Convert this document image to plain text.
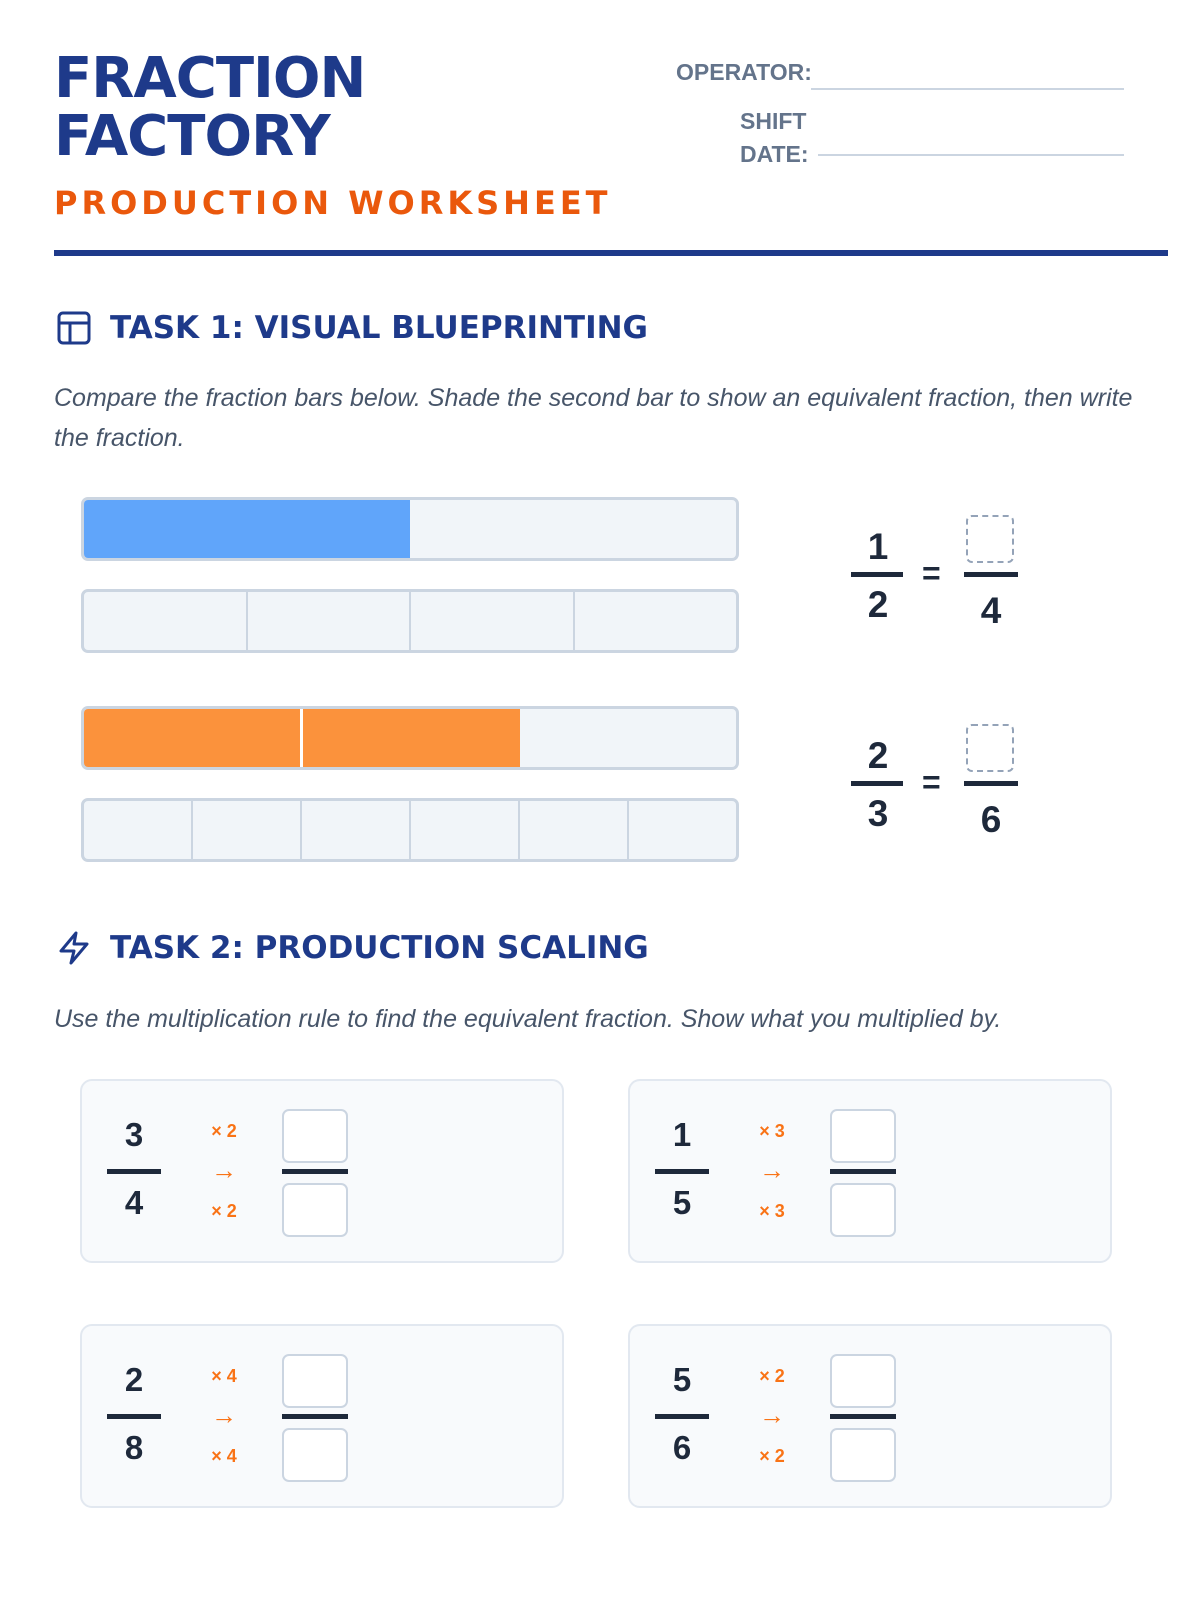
FRACTION
FACTORY
PRODUCTION WORKSHEET
OPERATOR:
SHIFT
DATE:
TASK 1: VISUAL BLUEPRINTING

Compare the fraction bars below. Shade the second bar to show an equivalent fraction, then write the fraction.

1
2
=
4
2
3
=
6
TASK 2: PRODUCTION SCALING

Use the multiplication rule to find the equivalent fraction. Show what you multiplied by.

3
4
× 2
→
× 2
1
5
× 3
→
× 3
2
8
× 4
→
× 4
5
6
× 2
→
× 2
